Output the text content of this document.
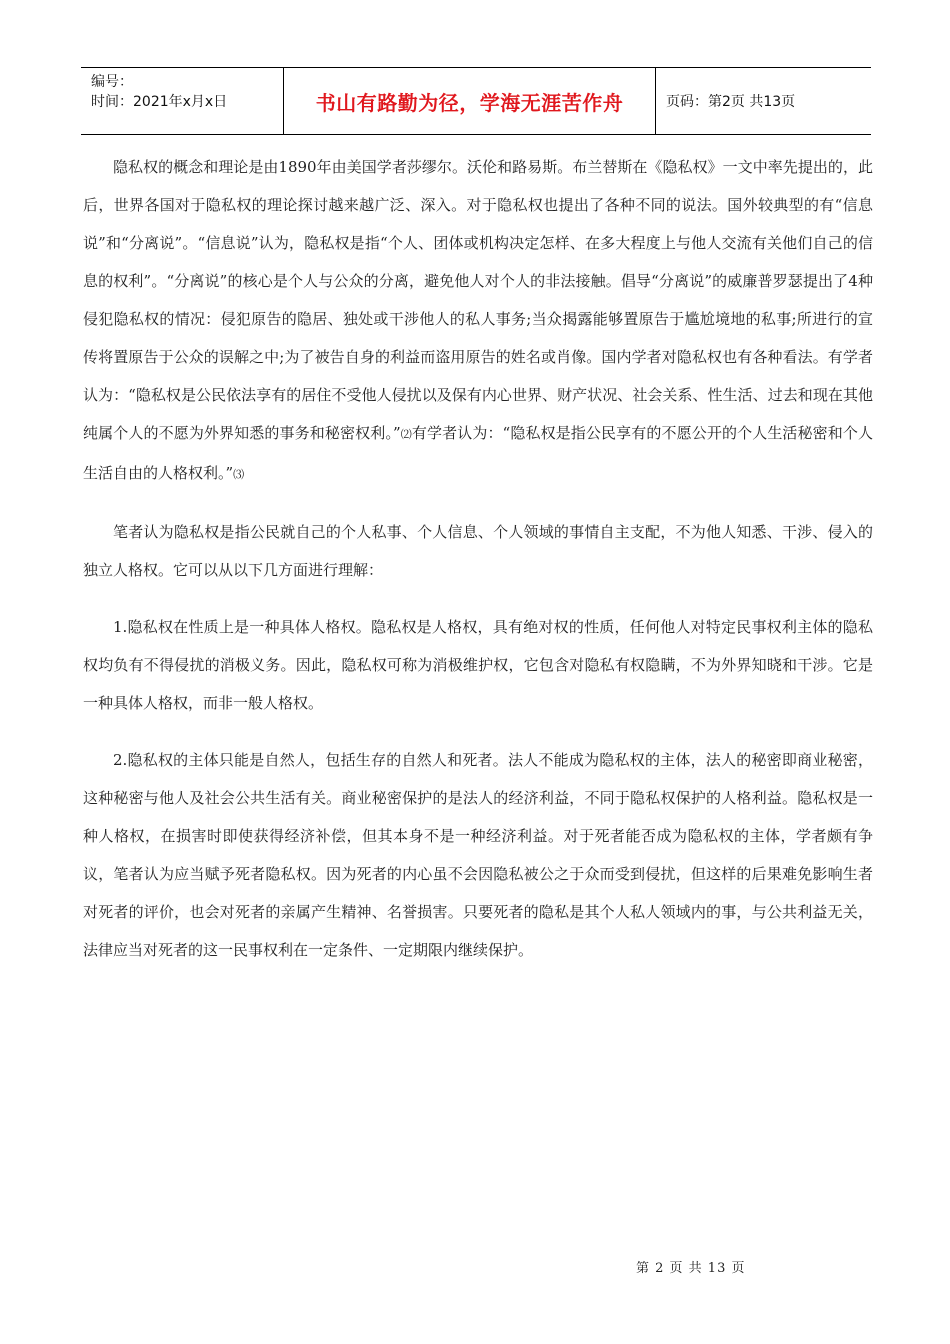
编号：
时间：2021年x月x日	书山有路勤为径，学海无涯苦作舟	页码：第2页 共13页

隐私权的概念和理论是由1890年由美国学者莎缪尔。沃伦和路易斯。布兰替斯在《隐私权》一文中率先提出的，此后，世界各国对于隐私权的理论探讨越来越广泛、深入。对于隐私权也提出了各种不同的说法。国外较典型的有“信息说”和“分离说”。“信息说”认为，隐私权是指“个人、团体或机构决定怎样、在多大程度上与他人交流有关他们自己的信息的权利”。“分离说”的核心是个人与公众的分离，避免他人对个人的非法接触。倡导“分离说”的威廉普罗瑟提出了4种侵犯隐私权的情况：侵犯原告的隐居、独处或干涉他人的私人事务;当众揭露能够置原告于尴尬境地的私事;所进行的宣传将置原告于公众的误解之中;为了被告自身的利益而盗用原告的姓名或肖像。国内学者对隐私权也有各种看法。有学者认为：“隐私权是公民依法享有的居住不受他人侵扰以及保有内心世界、财产状况、社会关系、性生活、过去和现在其他纯属个人的不愿为外界知悉的事务和秘密权利。”⑵有学者认为：“隐私权是指公民享有的不愿公开的个人生活秘密和个人生活自由的人格权利。”⑶

笔者认为隐私权是指公民就自己的个人私事、个人信息、个人领域的事情自主支配，不为他人知悉、干涉、侵入的独立人格权。它可以从以下几方面进行理解：

1.隐私权在性质上是一种具体人格权。隐私权是人格权，具有绝对权的性质，任何他人对特定民事权利主体的隐私权均负有不得侵扰的消极义务。因此，隐私权可称为消极维护权，它包含对隐私有权隐瞒，不为外界知晓和干涉。它是一种具体人格权，而非一般人格权。

2.隐私权的主体只能是自然人，包括生存的自然人和死者。法人不能成为隐私权的主体，法人的秘密即商业秘密，这种秘密与他人及社会公共生活有关。商业秘密保护的是法人的经济利益，不同于隐私权保护的人格利益。隐私权是一种人格权，在损害时即使获得经济补偿，但其本身不是一种经济利益。对于死者能否成为隐私权的主体，学者颇有争议，笔者认为应当赋予死者隐私权。因为死者的内心虽不会因隐私被公之于众而受到侵扰，但这样的后果难免影响生者对死者的评价，也会对死者的亲属产生精神、名誉损害。只要死者的隐私是其个人私人领域内的事，与公共利益无关，法律应当对死者的这一民事权利在一定条件、一定期限内继续保护。

第 2 页 共 13 页
